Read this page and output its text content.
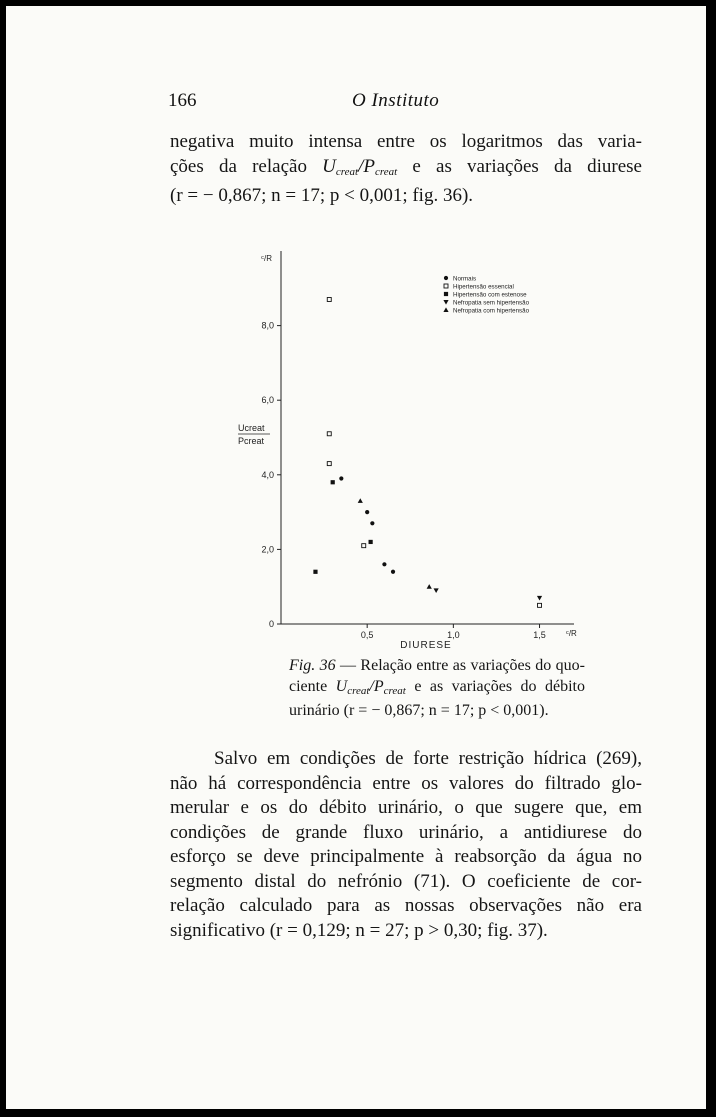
166	O Instituto
negativa muito intensa entre os logaritmos das varia-
ções da relação $U_{creat}/P_{creat}$ e as variações da diurese
(r = − 0,867; n = 17; p < 0,001; fig. 36).
0
2,0
4,0
6,0
8,0
0,5	1,0	1,5
ᶜ/R
ᶜ/R
DIURESE
Ucreat
Pcreat
Normais
Hipertensão essencial
Hipertensão com estenose
Nefropatia sem hipertensão
Nefropatia com hipertensão
Fig. 36 — Relação entre as variações do quo-
ciente $U_{creat}/P_{creat}$ e as variações do débito
urinário (r = − 0,867; n = 17; p < 0,001).
Salvo em condições de forte restrição hídrica (269),
não há correspondência entre os valores do filtrado glo-
merular e os do débito urinário, o que sugere que, em
condições de grande fluxo urinário, a antidiurese do
esforço se deve principalmente à reabsorção da água no
segmento distal do nefrónio (71). O coeficiente de cor-
relação calculado para as nossas observações não era
significativo (r = 0,129; n = 27; p > 0,30; fig. 37).
